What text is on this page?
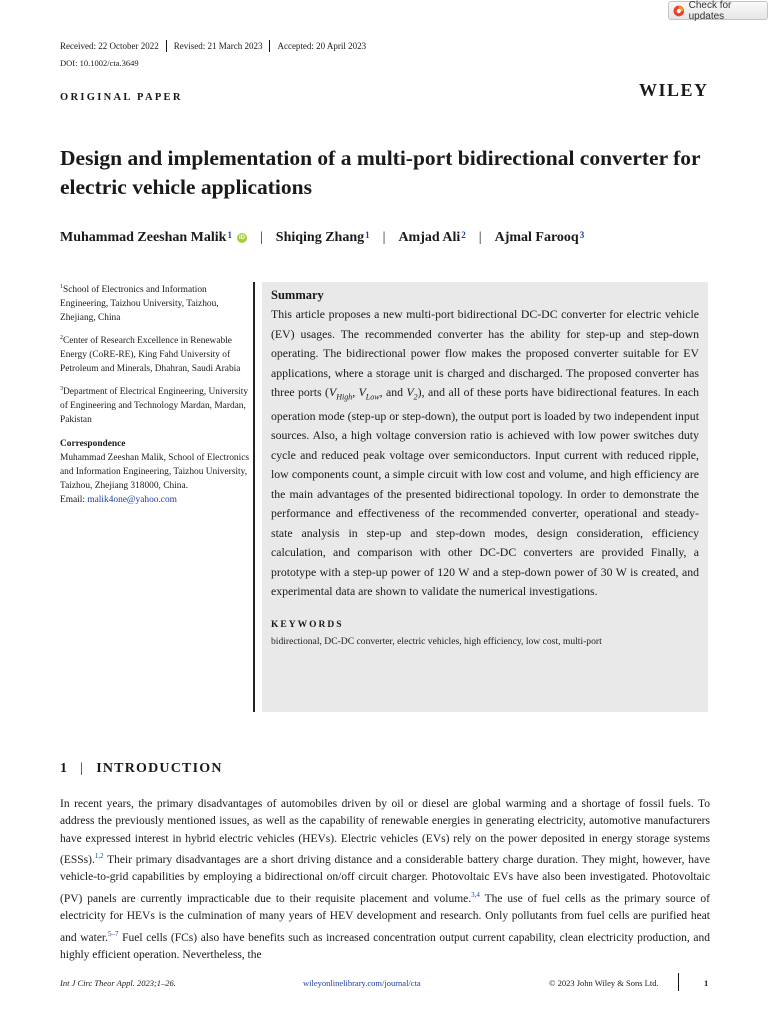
Check for updates
Received: 22 October 2022 Revised: 21 March 2023 Accepted: 20 April 2023
DOI: 10.1002/cta.3649
ORIGINAL PAPER	WILEY
Design and implementation of a multi-port bidirectional converter for electric vehicle applications
Muhammad Zeeshan Malik$^1$	iD | Shiqing Zhang$^1$ | Amjad Ali$^2$ | Ajmal Farooq$^3$
$^1$School of Electronics and Information Engineering, Taizhou University, Taizhou, Zhejiang, China
$^2$Center of Research Excellence in Renewable Energy (CoRE-RE), King Fahd University of Petroleum and Minerals, Dhahran, Saudi Arabia
$^3$Department of Electrical Engineering, University of Engineering and Technology Mardan, Mardan, Pakistan
Correspondence
Muhammad Zeeshan Malik, School of Electronics and Information Engineering, Taizhou University, Taizhou, Zhejiang 318000, China.
Email: malik4one@yahoo.com
Summary

This article proposes a new multi-port bidirectional DC-DC converter for electric vehicle (EV) usages. The recommended converter has the ability for step-up and step-down operating. The bidirectional power flow makes the proposed converter suitable for EV applications, where a storage unit is charged and discharged. The proposed converter has three ports ($V_{High}$, $V_{Low}$, and $V_2$), and all of these ports have bidirectional features. In each operation mode (step-up or step-down), the output port is loaded by two independent input sources. Also, a high voltage conversion ratio is achieved with low power switches duty cycle and reduced peak voltage over semiconductors. Input current with reduced ripple, low components count, a simple circuit with low cost and volume, and high efficiency are the main advantages of the presented bidirectional topology. In order to demonstrate the performance and effectiveness of the recommended converter, operational and steady-state analysis in step-up and step-down modes, design consideration, efficiency calculation, and comparison with other DC-DC converters are provided Finally, a prototype with a step-up power of 120 W and a step-down power of 30 W is created, and experimental data are shown to validate the numerical investigations.

KEYWORDS
bidirectional, DC-DC converter, electric vehicles, high efficiency, low cost, multi-port
1 | INTRODUCTION

In recent years, the primary disadvantages of automobiles driven by oil or diesel are global warming and a shortage of fossil fuels. To address the previously mentioned issues, as well as the capability of renewable energies in generating electricity, automotive manufacturers have expressed interest in hybrid electric vehicles (HEVs). Electric vehicles (EVs) rely on the power deposited in energy storage systems (ESSs).$^{1,2}$ Their primary disadvantages are a short driving distance and a considerable battery charge duration. They might, however, have vehicle-to-grid capabilities by employing a bidirectional on/off circuit charger. Photovoltaic EVs have also been investigated. Photovoltaic (PV) panels are currently impracticable due to their requisite placement and volume.$^{3,4}$ The use of fuel cells as the primary source of electricity for HEVs is the culmination of many years of HEV development and research. Only pollutants from fuel cells are purified heat and water.$^{5-7}$ Fuel cells (FCs) also have benefits such as increased concentration output current capability, clean electricity production, and highly efficient operation. Nevertheless, the

Int J Circ Theor Appl. 2023;1–26.	wileyonlinelibrary.com/journal/cta	© 2023 John Wiley & Sons Ltd.	1
